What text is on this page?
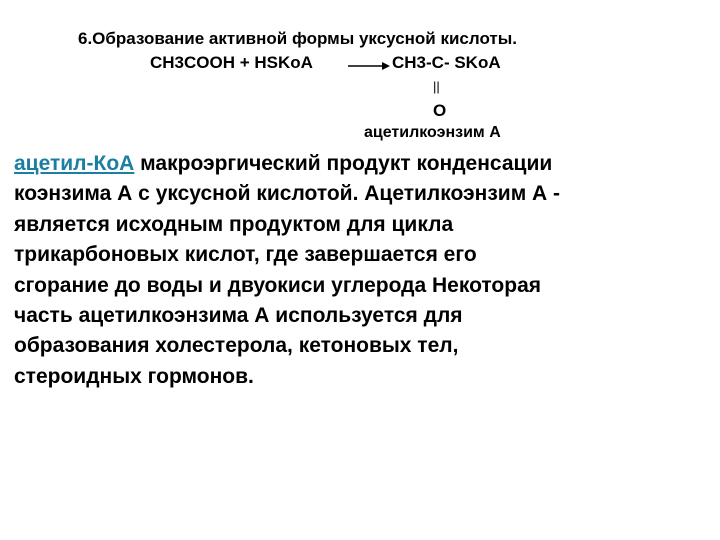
6.Образование активной формы уксусной кислоты.
CH3COOH + HSKoA → CH3-C- SKoA
||
O
ацетилкоэнзим А
ацетил-КоА макроэргический продукт конденсации
коэнзима А с уксусной кислотой. Ацетилкоэнзим А -
является исходным продуктом для цикла
трикарбоновых кислот, где завершается его
сгорание до воды и двуокиси углерода Некоторая
часть ацетилкоэнзима А используется для
образования холестерола, кетоновых тел,
стероидных гормонов.
